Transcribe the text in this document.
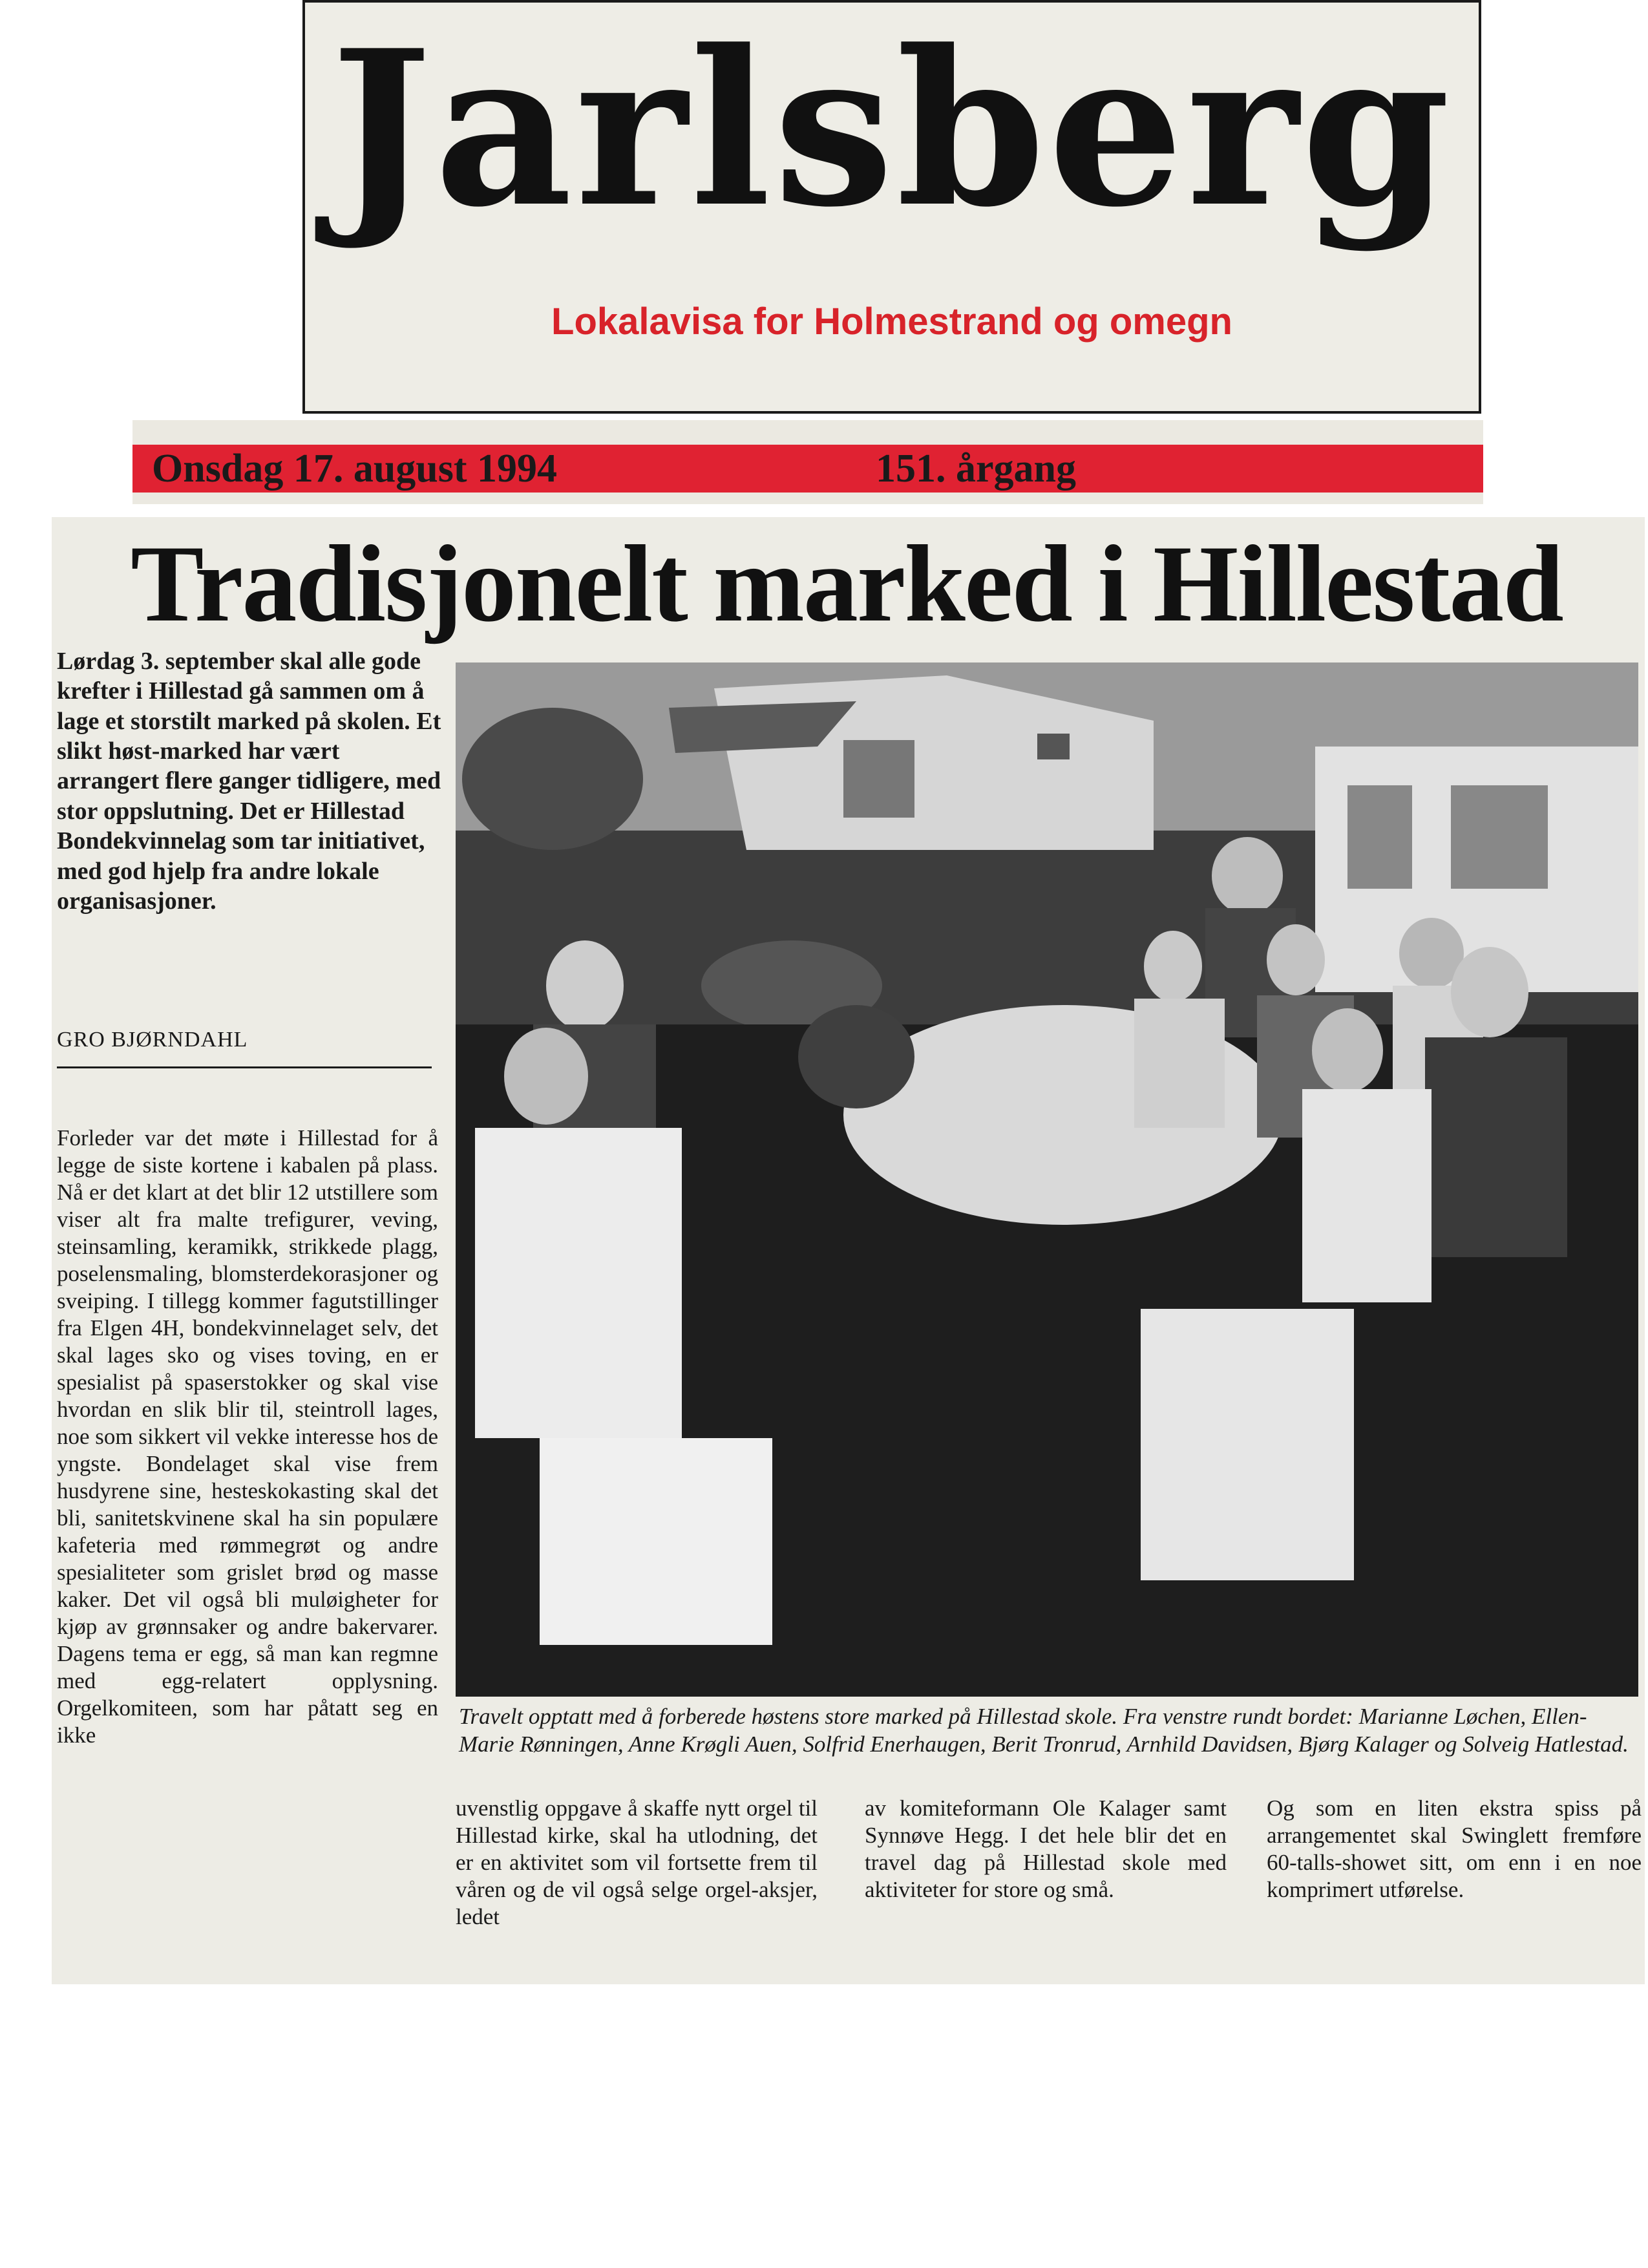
Jarlsberg
Lokalavisa for Holmestrand og omegn
Onsdag 17. august 1994	151. årgang
Tradisjonelt marked i Hillestad
Lørdag 3. september skal alle gode krefter i Hillestad gå sammen om å lage et storstilt marked på skolen. Et slikt høst-marked har vært arrangert flere ganger tidligere, med stor oppslutning. Det er Hillestad Bondekvinnelag som tar initiativet, med god hjelp fra andre lokale organisasjoner.
GRO BJØRNDAHL
Forleder var det møte i Hillestad for å legge de siste kortene i kabalen på plass. Nå er det klart at det blir 12 utstillere som viser alt fra malte trefigurer, veving, steinsamling, keramikk, strikkede plagg, poselensmaling, blomsterdekorasjoner og sveiping. I tillegg kommer fagutstillinger fra Elgen 4H, bondekvinnelaget selv, det skal lages sko og vises toving, en er spesialist på spaserstokker og skal vise hvordan en slik blir til, steintroll lages, noe som sikkert vil vekke interesse hos de yngste. Bondelaget skal vise frem husdyrene sine, hesteskokasting skal det bli, sanitetskvinene skal ha sin populære kafeteria med rømmegrøt og andre spesialiteter som grislet brød og masse kaker. Det vil også bli muløigheter for kjøp av grønnsaker og andre bakervarer. Dagens tema er egg, så man kan regmne med egg-relatert opplysning. Orgelkomiteen, som har påtatt seg en ikke
Travelt opptatt med å forberede høstens store marked på Hillestad skole. Fra venstre rundt bordet: Marianne Løchen, Ellen-Marie Rønningen, Anne Krøgli Auen, Solfrid Enerhaugen, Berit Tronrud, Arnhild Davidsen, Bjørg Kalager og Solveig Hatlestad.
uvenstlig oppgave å skaffe nytt orgel til Hillestad kirke, skal ha utlodning, det er en aktivitet som vil fortsette frem til våren og de vil også selge orgel-aksjer, ledet
av komiteformann Ole Kalager samt Synnøve Hegg. I det hele blir det en travel dag på Hillestad skole med aktiviteter for store og små.
Og som en liten ekstra spiss på arrangementet skal Swinglett fremføre 60-talls-showet sitt, om enn i en noe komprimert utførelse.
